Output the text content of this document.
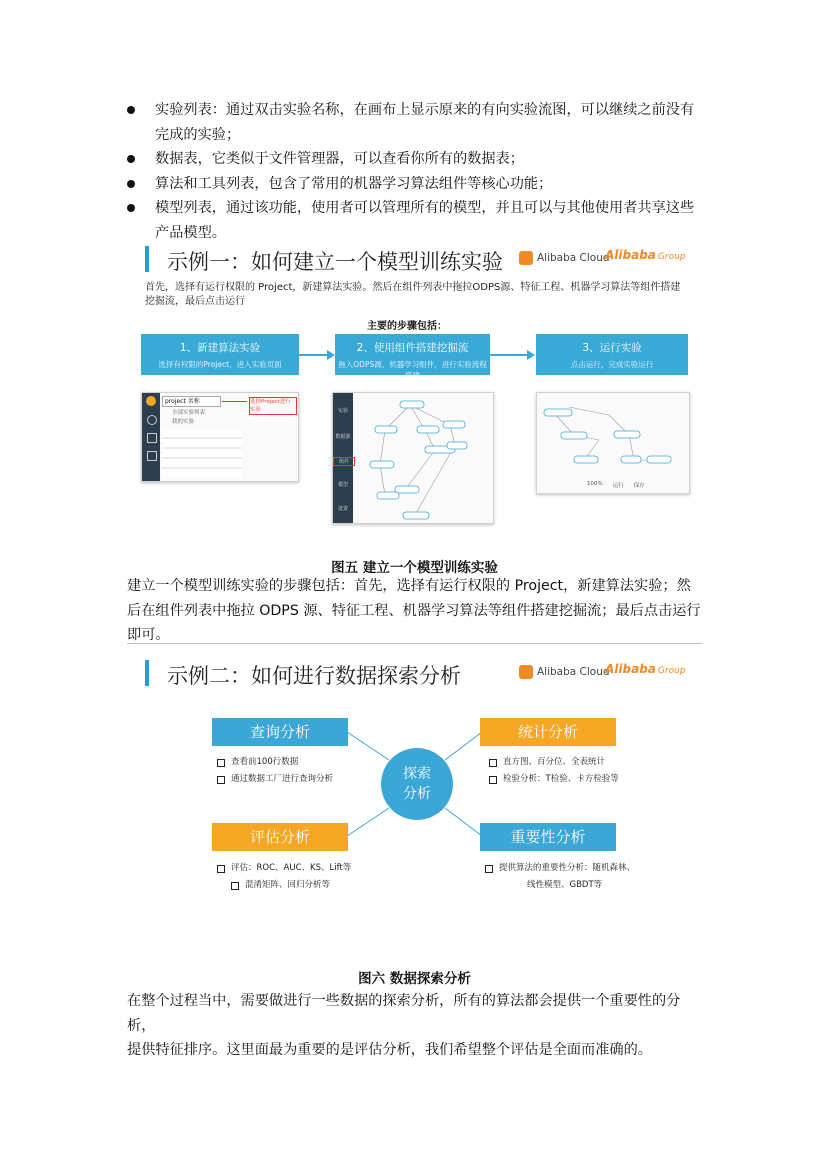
实验列表：通过双击实验名称，在画布上显示原来的有向实验流图，可以继续之前没有
完成的实验；
数据表，它类似于文件管理器，可以查看你所有的数据表；
算法和工具列表，包含了常用的机器学习算法组件等核心功能；
模型列表，通过该功能，使用者可以管理所有的模型，并且可以与其他使用者共享这些
产品模型。
示例一：如何建立一个模型训练实验	Alibaba Cloud
Alibaba Group
首先，选择有运行权限的 Project，新建算法实验。然后在组件列表中拖拉ODPS源、特征工程、机器学习算法等组件搭建
挖掘流，最后点击运行
主要的步骤包括：
1、新建算法实验
选择有权限的Project，进入实验页面
2、使用组件搭建挖掘流
拖入ODPS源、机器学习组件，进行实验流程搭建
3、运行实验
点击运行，完成实验运行
project 名称	选择Project进行实验
全部实验列表
我的实验
实验
数据源
组件
模型
设置
100% 运行 保存
图五 建立一个模型训练实验
建立一个模型训练实验的步骤包括：首先，选择有运行权限的 Project，新建算法实验；然
后在组件列表中拖拉 ODPS 源、特征工程、机器学习算法等组件搭建挖掘流；最后点击运行
即可。
示例二：如何进行数据探索分析	Alibaba Cloud
Alibaba Group
探索
分析
查询分析
查看前100行数据
通过数据工厂进行查询分析
统计分析
直方图、百分位、全表统计
检验分析：T检验、卡方检验等
评估分析
评估：ROC、AUC、KS、Lift等
混淆矩阵、回归分析等
重要性分析
提供算法的重要性分析：随机森林、
线性模型、GBDT等
图六 数据探索分析
在整个过程当中，需要做进行一些数据的探索分析，所有的算法都会提供一个重要性的分析，
提供特征排序。这里面最为重要的是评估分析，我们希望整个评估是全面而准确的。
